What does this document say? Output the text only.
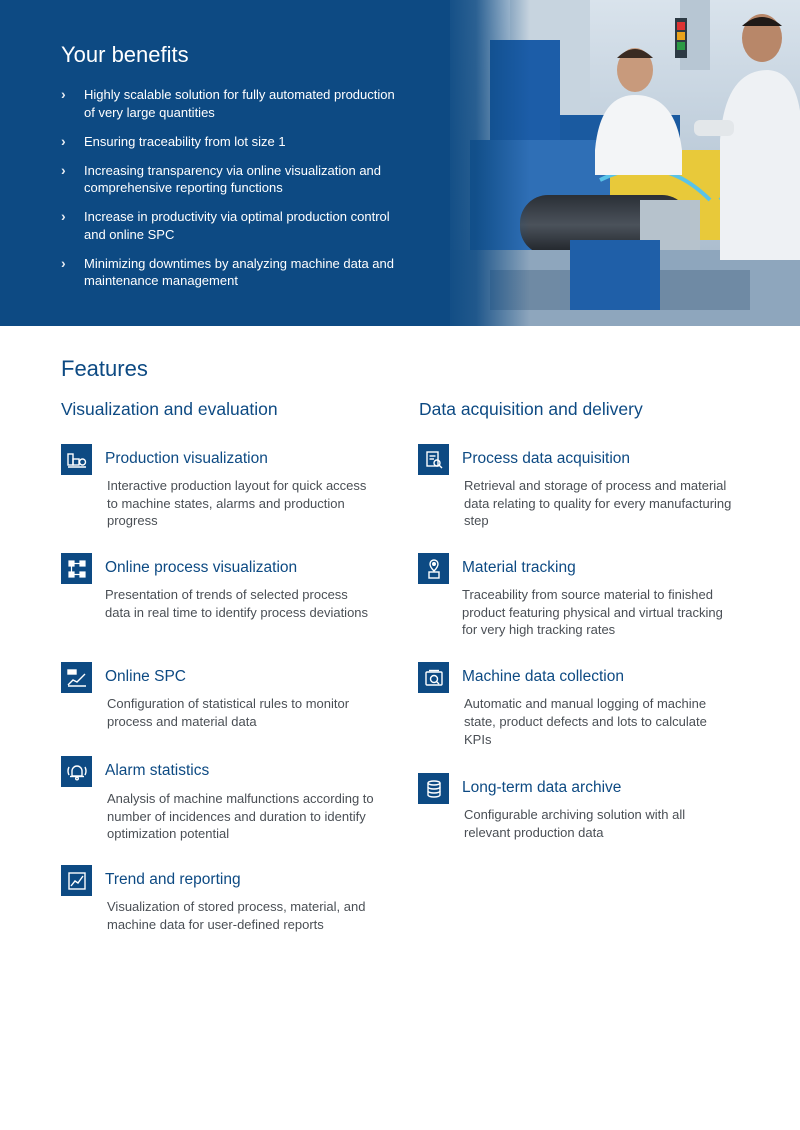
Your benefits
› Highly scalable solution for fully automated production of very large quantities
› Ensuring traceability from lot size 1
› Increasing transparency via online visualization and comprehensive reporting functions
› Increase in productivity via optimal production control and online SPC
› Minimizing downtimes by analyzing machine data and maintenance management
Features
Visualization and evaluation	Data acquisition and delivery
Production visualization

Interactive production layout for quick access to machine states, alarms and production progress

Online process visualization

Presentation of trends of selected process data in real time to identify process deviations

Online SPC

Configuration of statistical rules to monitor process and material data

Alarm statistics

Analysis of machine malfunctions according to number of incidences and duration to identify optimization potential

Trend and reporting

Visualization of stored process, material, and machine data for user-defined reports

Process data acquisition

Retrieval and storage of process and material data relating to quality for every manufacturing step

Material tracking

Traceability from source material to finished product featuring physical and virtual tracking for very high tracking rates

Machine data collection

Automatic and manual logging of machine state, product defects and lots to calculate KPIs

Long-term data archive

Configurable archiving solution with all relevant production data
